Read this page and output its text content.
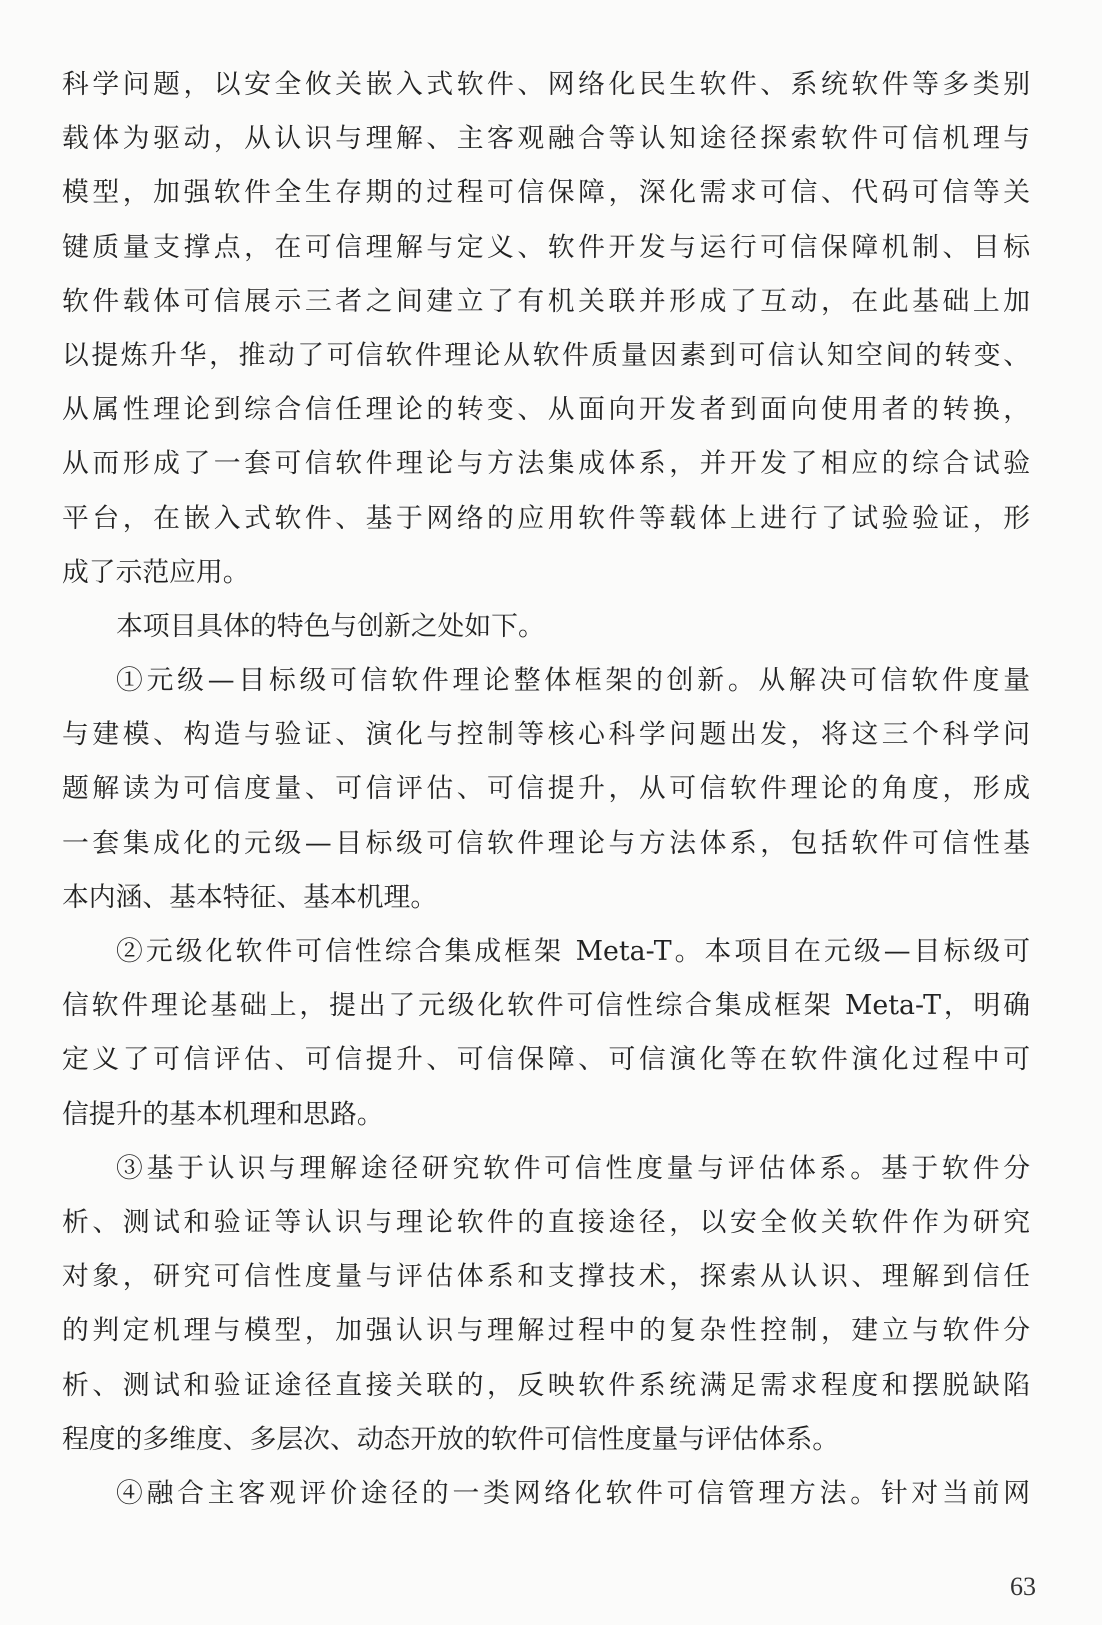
科学问题，以安全攸关嵌入式软件、网络化民生软件、系统软件等多类别
载体为驱动，从认识与理解、主客观融合等认知途径探索软件可信机理与
模型，加强软件全生存期的过程可信保障，深化需求可信、代码可信等关
键质量支撑点，在可信理解与定义、软件开发与运行可信保障机制、目标
软件载体可信展示三者之间建立了有机关联并形成了互动，在此基础上加
以提炼升华，推动了可信软件理论从软件质量因素到可信认知空间的转变、
从属性理论到综合信任理论的转变、从面向开发者到面向使用者的转换，
从而形成了一套可信软件理论与方法集成体系，并开发了相应的综合试验
平台，在嵌入式软件、基于网络的应用软件等载体上进行了试验验证，形
成了示范应用。
本项目具体的特色与创新之处如下。
①元级—目标级可信软件理论整体框架的创新。从解决可信软件度量
与建模、构造与验证、演化与控制等核心科学问题出发，将这三个科学问
题解读为可信度量、可信评估、可信提升，从可信软件理论的角度，形成
一套集成化的元级—目标级可信软件理论与方法体系，包括软件可信性基
本内涵、基本特征、基本机理。
②元级化软件可信性综合集成框架 Meta-T。本项目在元级—目标级可
信软件理论基础上，提出了元级化软件可信性综合集成框架 Meta-T，明确
定义了可信评估、可信提升、可信保障、可信演化等在软件演化过程中可
信提升的基本机理和思路。
③基于认识与理解途径研究软件可信性度量与评估体系。基于软件分
析、测试和验证等认识与理论软件的直接途径，以安全攸关软件作为研究
对象，研究可信性度量与评估体系和支撑技术，探索从认识、理解到信任
的判定机理与模型，加强认识与理解过程中的复杂性控制，建立与软件分
析、测试和验证途径直接关联的，反映软件系统满足需求程度和摆脱缺陷
程度的多维度、多层次、动态开放的软件可信性度量与评估体系。
④融合主客观评价途径的一类网络化软件可信管理方法。针对当前网
63
